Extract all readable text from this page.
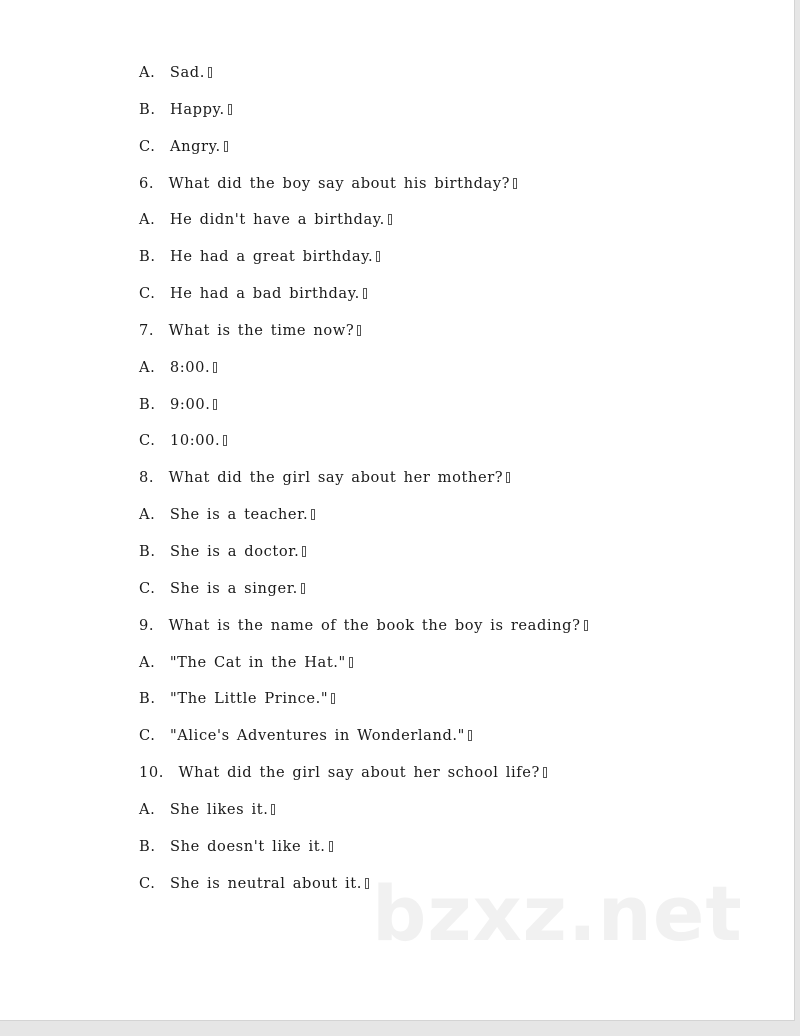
A.  Sad.
B.  Happy.
C.  Angry.
6.  What did the boy say about his birthday?
A.  He didn't have a birthday.
B.  He had a great birthday.
C.  He had a bad birthday.
7.  What is the time now?
A.  8:00.
B.  9:00.
C.  10:00.
8.  What did the girl say about her mother?
A.  She is a teacher.
B.  She is a doctor.
C.  She is a singer.
9.  What is the name of the book the boy is reading?
A.  "The Cat in the Hat."
B.  "The Little Prince."
C.  "Alice's Adventures in Wonderland."
10.  What did the girl say about her school life?
A.  She likes it.
B.  She doesn't like it.
C.  She is neutral about it. bzxz.net
